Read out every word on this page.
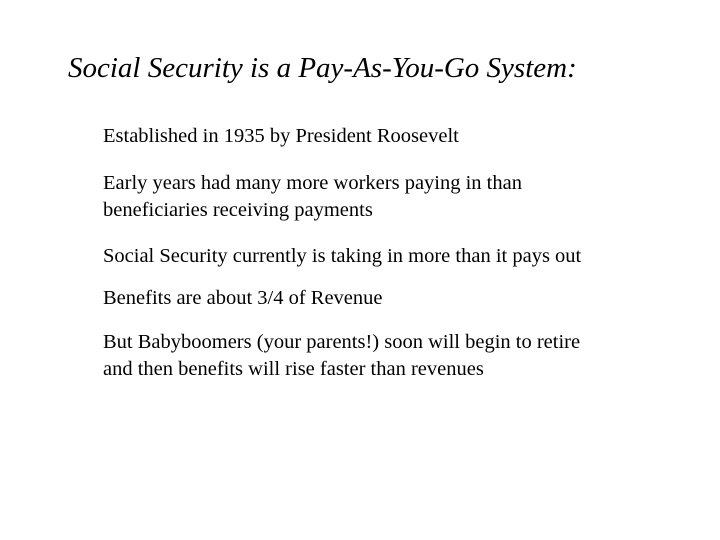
Social Security is a Pay-As-You-Go System:
Established in 1935 by President Roosevelt
Early years had many more workers paying in than
beneficiaries receiving payments
Social Security currently is taking in more than it pays out
Benefits are about 3/4 of Revenue
But Babyboomers (your parents!) soon will begin to retire
and then benefits will rise faster than revenues
